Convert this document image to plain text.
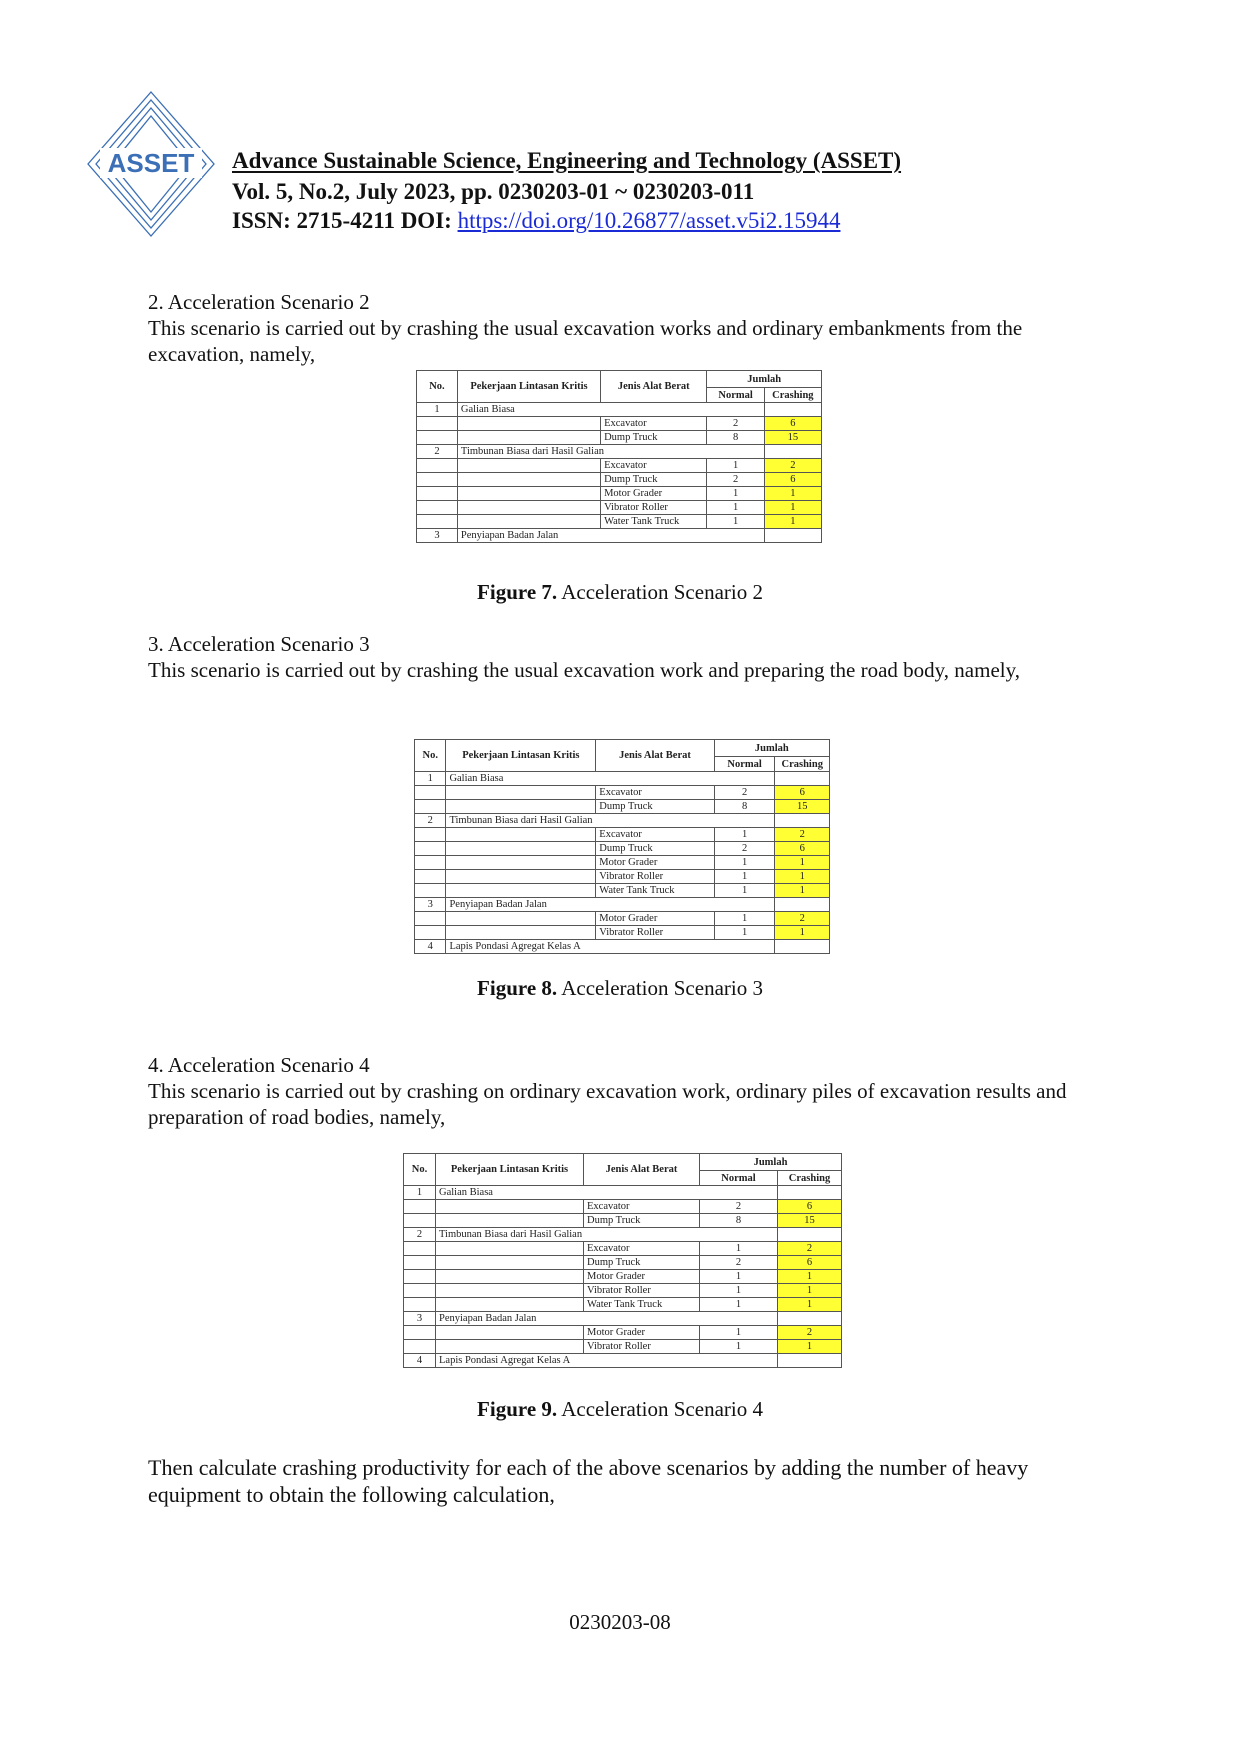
ASSET Advance Sustainable Science, Engineering and Technology (ASSET)
Vol. 5, No.2, July 2023, pp. 0230203-01 ~ 0230203-011
ISSN: 2715-4211 DOI: https://doi.org/10.26877/asset.v5i2.15944
2. Acceleration Scenario 2
This scenario is carried out by crashing the usual excavation works and ordinary embankments from the excavation, namely,
No.	Pekerjaan Lintasan Kritis	Jenis Alat Berat	Jumlah	
			Normal	Crashing
1	Galian Biasa			
		Excavator	2	6
		Dump Truck	8	15
2	Timbunan Biasa dari Hasil Galian			
		Excavator	1	2
		Dump Truck	2	6
		Motor Grader	1	1
		Vibrator Roller	1	1
		Water Tank Truck	1	1
3	Penyiapan Badan Jalan			
Figure 7. Acceleration Scenario 2
3. Acceleration Scenario 3
This scenario is carried out by crashing the usual excavation work and preparing the road body, namely,
No.	Pekerjaan Lintasan Kritis	Jenis Alat Berat	Jumlah	
			Normal	Crashing
1	Galian Biasa			
		Excavator	2	6
		Dump Truck	8	15
2	Timbunan Biasa dari Hasil Galian			
		Excavator	1	2
		Dump Truck	2	6
		Motor Grader	1	1
		Vibrator Roller	1	1
		Water Tank Truck	1	1
3	Penyiapan Badan Jalan			
		Motor Grader	1	2
		Vibrator Roller	1	1
4	Lapis Pondasi Agregat Kelas A			
Figure 8. Acceleration Scenario 3
4. Acceleration Scenario 4
This scenario is carried out by crashing on ordinary excavation work, ordinary piles of excavation results and preparation of road bodies, namely,
No.	Pekerjaan Lintasan Kritis	Jenis Alat Berat	Jumlah	
			Normal	Crashing
1	Galian Biasa			
		Excavator	2	6
		Dump Truck	8	15
2	Timbunan Biasa dari Hasil Galian			
		Excavator	1	2
		Dump Truck	2	6
		Motor Grader	1	1
		Vibrator Roller	1	1
		Water Tank Truck	1	1
3	Penyiapan Badan Jalan			
		Motor Grader	1	2
		Vibrator Roller	1	1
4	Lapis Pondasi Agregat Kelas A			
Figure 9. Acceleration Scenario 4
Then calculate crashing productivity for each of the above scenarios by adding the number of heavy equipment to obtain the following calculation,
0230203-08
